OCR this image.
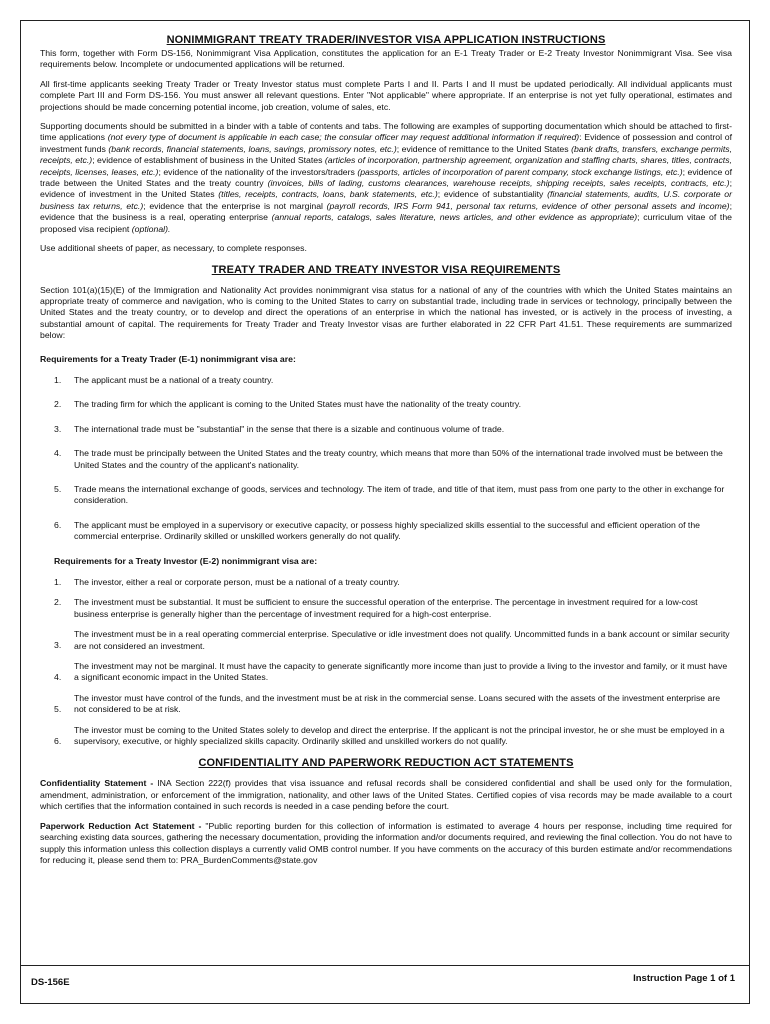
NONIMMIGRANT TREATY TRADER/INVESTOR VISA APPLICATION INSTRUCTIONS

This form, together with Form DS-156, Nonimmigrant Visa Application, constitutes the application for an E-1 Treaty Trader or E-2 Treaty Investor Nonimmigrant Visa. See visa requirements below. Incomplete or undocumented applications will be returned.

All first-time applicants seeking Treaty Trader or Treaty Investor status must complete Parts I and II. Parts I and II must be updated periodically. All individual applicants must complete Part III and Form DS-156. You must answer all relevant questions. Enter "Not applicable" where appropriate. If an enterprise is not yet fully operational, estimates and projections should be made concerning potential income, job creation, volume of sales, etc.

Supporting documents should be submitted in a binder with a table of contents and tabs. The following are examples of supporting documentation which should be attached to first-time applications (not every type of document is applicable in each case; the consular officer may request additional information if required): Evidence of possession and control of investment funds (bank records, financial statements, loans, savings, promissory notes, etc.); evidence of remittance to the United States (bank drafts, transfers, exchange permits, receipts, etc.); evidence of establishment of business in the United States (articles of incorporation, partnership agreement, organization and staffing charts, shares, titles, contracts, receipts, licenses, leases, etc.); evidence of the nationality of the investors/traders (passports, articles of incorporation of parent company, stock exchange listings, etc.); evidence of trade between the United States and the treaty country (invoices, bills of lading, customs clearances, warehouse receipts, shipping receipts, sales receipts, contracts, etc.); evidence of investment in the United States (titles, receipts, contracts, loans, bank statements, etc.); evidence of substantiality (financial statements, audits, U.S. corporate or business tax returns, etc.); evidence that the enterprise is not marginal (payroll records, IRS Form 941, personal tax returns, evidence of other personal assets and income); evidence that the business is a real, operating enterprise (annual reports, catalogs, sales literature, news articles, and other evidence as appropriate); curriculum vitae of the proposed visa recipient (optional).

Use additional sheets of paper, as necessary, to complete responses.

TREATY TRADER AND TREATY INVESTOR VISA REQUIREMENTS

Section 101(a)(15)(E) of the Immigration and Nationality Act provides nonimmigrant visa status for a national of any of the countries with which the United States maintains an appropriate treaty of commerce and navigation, who is coming to the United States to carry on substantial trade, including trade in services or technology, principally between the United States and the treaty country, or to develop and direct the operations of an enterprise in which the national has invested, or is actively in the process of investing, a substantial amount of capital. The requirements for Treaty Trader and Treaty Investor visas are further elaborated in 22 CFR Part 41.51. These requirements are summarized below:

Requirements for a Treaty Trader (E-1) nonimmigrant visa are:
1. The applicant must be a national of a treaty country.
2. The trading firm for which the applicant is coming to the United States must have the nationality of the treaty country.
3. The international trade must be "substantial" in the sense that there is a sizable and continuous volume of trade.
4. The trade must be principally between the United States and the treaty country, which means that more than 50% of the international trade involved must be between the United States and the country of the applicant's nationality.
5. Trade means the international exchange of goods, services and technology. The item of trade, and title of that item, must pass from one party to the other in exchange for consideration.
6. The applicant must be employed in a supervisory or executive capacity, or possess highly specialized skills essential to the successful and efficient operation of the commercial enterprise. Ordinarily skilled or unskilled workers generally do not qualify.
Requirements for a Treaty Investor (E-2) nonimmigrant visa are:
1. The investor, either a real or corporate person, must be a national of a treaty country.
2. The investment must be substantial. It must be sufficient to ensure the successful operation of the enterprise. The percentage in investment required for a low-cost business enterprise is generally higher than the percentage of investment required for a high-cost enterprise.
3.
The investment must be in a real operating commercial enterprise. Speculative or idle investment does not qualify. Uncommitted funds in a bank account or similar security are not considered an investment.
4.
The investment may not be marginal. It must have the capacity to generate significantly more income than just to provide a living to the investor and family, or it must have a significant economic impact in the United States.
5.
The investor must have control of the funds, and the investment must be at risk in the commercial sense. Loans secured with the assets of the investment enterprise are not considered to be at risk.
6.
The investor must be coming to the United States solely to develop and direct the enterprise. If the applicant is not the principal investor, he or she must be employed in a supervisory, executive, or highly specialized skills capacity. Ordinarily skilled and unskilled workers do not qualify.
CONFIDENTIALITY AND PAPERWORK REDUCTION ACT STATEMENTS

Confidentiality Statement - INA Section 222(f) provides that visa issuance and refusal records shall be considered confidential and shall be used only for the formulation, amendment, administration, or enforcement of the immigration, nationality, and other laws of the United States. Certified copies of visa records may be made available to a court which certifies that the information contained in such records is needed in a case pending before the court.

Paperwork Reduction Act Statement - "Public reporting burden for this collection of information is estimated to average 4 hours per response, including time required for searching existing data sources, gathering the necessary documentation, providing the information and/or documents required, and reviewing the final collection. You do not have to supply this information unless this collection displays a currently valid OMB control number. If you have comments on the accuracy of this burden estimate and/or recommendations for reducing it, please send them to: PRA_BurdenComments@state.gov

DS-156E	Instruction Page 1 of 1
